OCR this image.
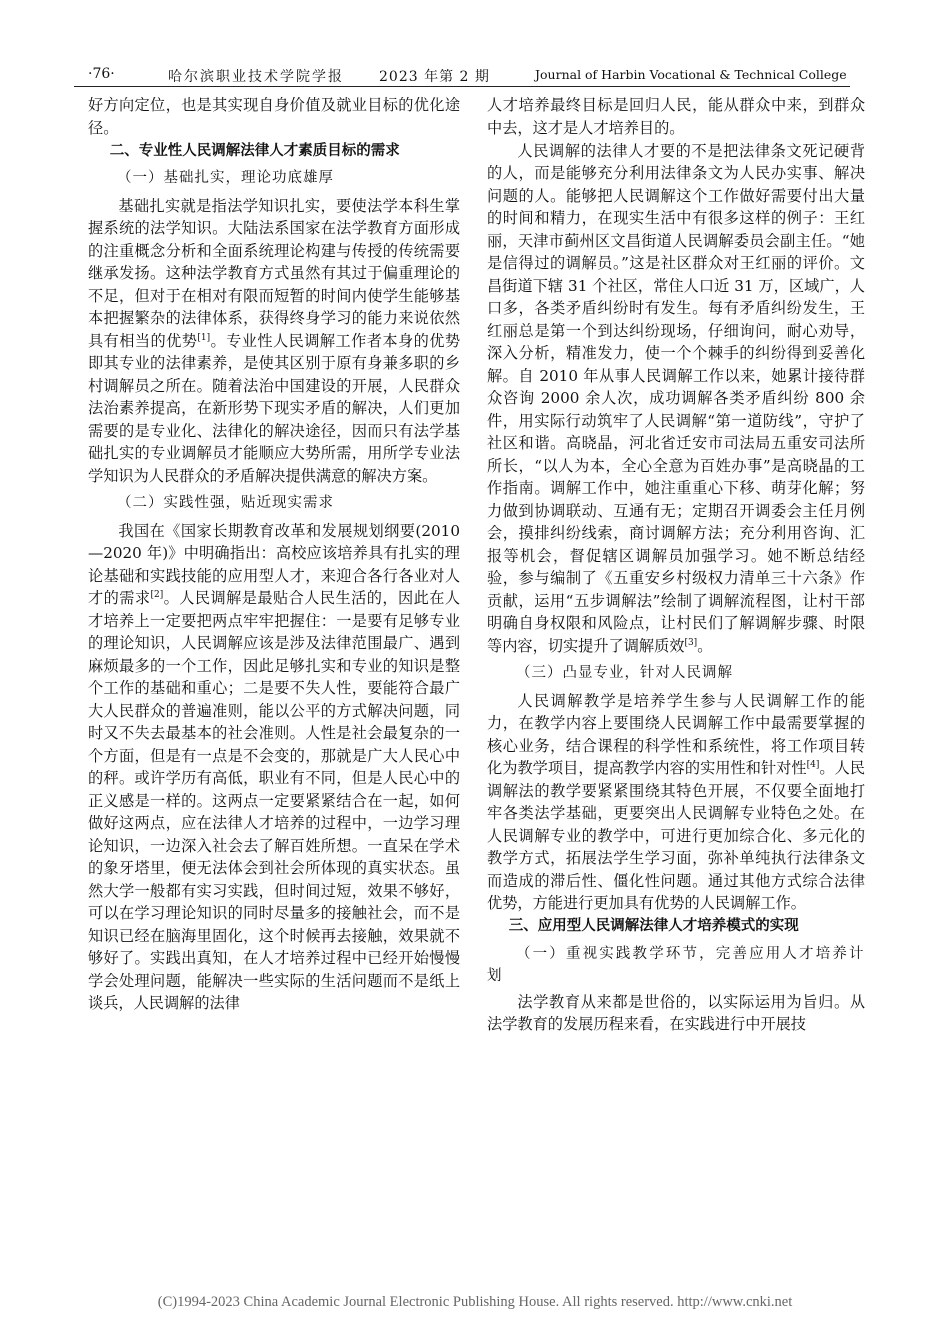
·76·	哈尔滨职业技术学院学报	2023 年第 2 期	Journal of Harbin Vocational & Technical College

好方向定位，也是其实现自身价值及就业目标的优化途径。

二、专业性人民调解法律人才素质目标的需求
（一）基础扎实，理论功底雄厚

基础扎实就是指法学知识扎实，要使法学本科生掌握系统的法学知识。大陆法系国家在法学教育方面形成的注重概念分析和全面系统理论构建与传授的传统需要继承发扬。这种法学教育方式虽然有其过于偏重理论的不足，但对于在相对有限而短暂的时间内使学生能够基本把握繁杂的法律体系，获得终身学习的能力来说依然具有相当的优势[1]。专业性人民调解工作者本身的优势即其专业的法律素养，是使其区别于原有身兼多职的乡村调解员之所在。随着法治中国建设的开展，人民群众法治素养提高，在新形势下现实矛盾的解决，人们更加需要的是专业化、法律化的解决途径，因而只有法学基础扎实的专业调解员才能顺应大势所需，用所学专业法学知识为人民群众的矛盾解决提供满意的解决方案。

（二）实践性强，贴近现实需求

我国在《国家长期教育改革和发展规划纲要(2010—2020 年)》中明确指出：高校应该培养具有扎实的理论基础和实践技能的应用型人才，来迎合各行各业对人才的需求[2]。人民调解是最贴合人民生活的，因此在人才培养上一定要把两点牢牢把握住：一是要有足够专业的理论知识，人民调解应该是涉及法律范围最广、遇到麻烦最多的一个工作，因此足够扎实和专业的知识是整个工作的基础和重心；二是要不失人性，要能符合最广大人民群众的普遍准则，能以公平的方式解决问题，同时又不失去最基本的社会准则。人性是社会最复杂的一个方面，但是有一点是不会变的，那就是广大人民心中的秤。或许学历有高低，职业有不同，但是人民心中的正义感是一样的。这两点一定要紧紧结合在一起，如何做好这两点，应在法律人才培养的过程中，一边学习理论知识，一边深入社会去了解百姓所想。一直呆在学术的象牙塔里，便无法体会到社会所体现的真实状态。虽然大学一般都有实习实践，但时间过短，效果不够好，可以在学习理论知识的同时尽量多的接触社会，而不是知识已经在脑海里固化，这个时候再去接触，效果就不够好了。实践出真知，在人才培养过程中已经开始慢慢学会处理问题，能解决一些实际的生活问题而不是纸上谈兵，人民调解的法律

人才培养最终目标是回归人民，能从群众中来，到群众中去，这才是人才培养目的。

人民调解的法律人才要的不是把法律条文死记硬背的人，而是能够充分利用法律条文为人民办实事、解决问题的人。能够把人民调解这个工作做好需要付出大量的时间和精力，在现实生活中有很多这样的例子：王红丽，天津市蓟州区文昌街道人民调解委员会副主任。“她是信得过的调解员。”这是社区群众对王红丽的评价。文昌街道下辖 31 个社区，常住人口近 31 万，区域广，人口多，各类矛盾纠纷时有发生。每有矛盾纠纷发生，王红丽总是第一个到达纠纷现场，仔细询问，耐心劝导，深入分析，精准发力，使一个个棘手的纠纷得到妥善化解。自 2010 年从事人民调解工作以来，她累计接待群众咨询 2000 余人次，成功调解各类矛盾纠纷 800 余件，用实际行动筑牢了人民调解“第一道防线”，守护了社区和谐。高晓晶，河北省迁安市司法局五重安司法所所长，“以人为本，全心全意为百姓办事”是高晓晶的工作指南。调解工作中，她注重重心下移、萌芽化解；努力做到协调联动、互通有无；定期召开调委会主任月例会，摸排纠纷线索，商讨调解方法；充分利用咨询、汇报等机会，督促辖区调解员加强学习。她不断总结经验，参与编制了《五重安乡村级权力清单三十六条》作贡献，运用“五步调解法”绘制了调解流程图，让村干部明确自身权限和风险点，让村民们了解调解步骤、时限等内容，切实提升了调解质效[3]。

（三）凸显专业，针对人民调解

人民调解教学是培养学生参与人民调解工作的能力，在教学内容上要围绕人民调解工作中最需要掌握的核心业务，结合课程的科学性和系统性，将工作项目转化为教学项目，提高教学内容的实用性和针对性[4]。人民调解法的教学要紧紧围绕其特色开展，不仅要全面地打牢各类法学基础，更要突出人民调解专业特色之处。在人民调解专业的教学中，可进行更加综合化、多元化的教学方式，拓展法学生学习面，弥补单纯执行法律条文而造成的滞后性、僵化性问题。通过其他方式综合法律优势，方能进行更加具有优势的人民调解工作。

三、应用型人民调解法律人才培养模式的实现
（一）重视实践教学环节，完善应用人才培养计划

法学教育从来都是世俗的，以实际运用为旨归。从法学教育的发展历程来看，在实践进行中开展技

(C)1994-2023 China Academic Journal Electronic Publishing House. All rights reserved. http://www.cnki.net
